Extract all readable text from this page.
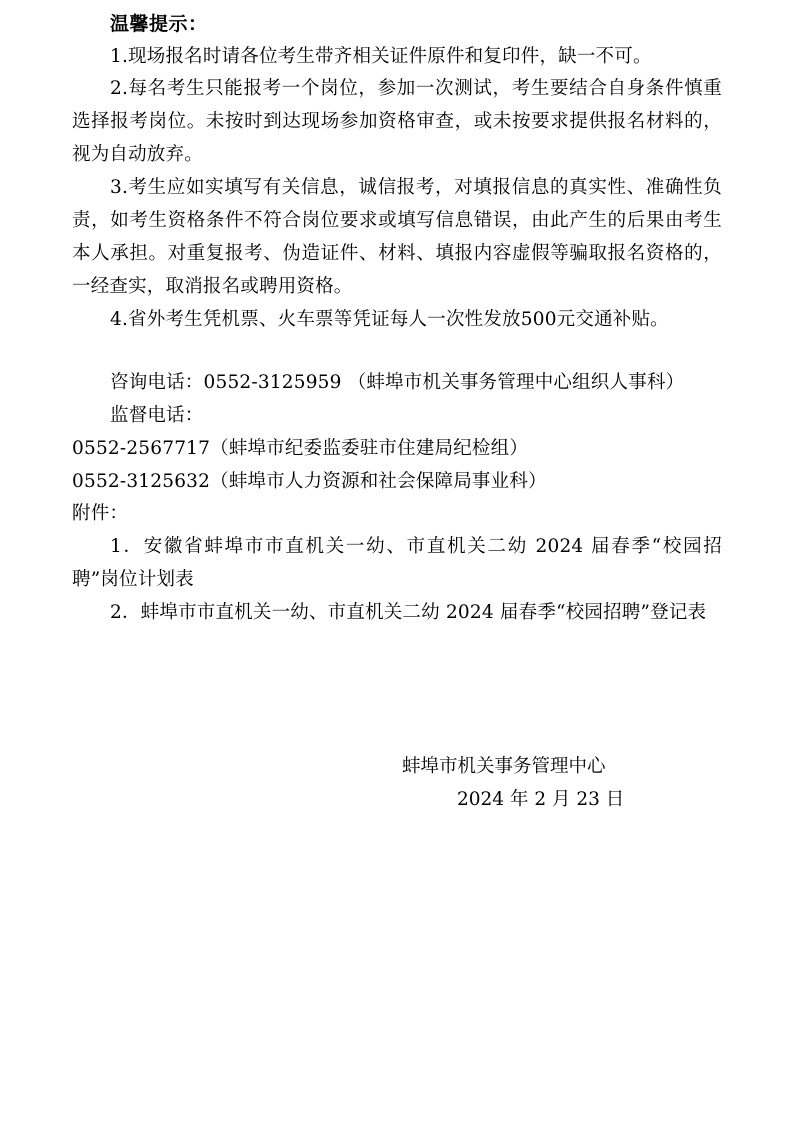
温馨提示：

1.现场报名时请各位考生带齐相关证件原件和复印件，缺一不可。

2.每名考生只能报考一个岗位，参加一次测试，考生要结合自身条件慎重选择报考岗位。未按时到达现场参加资格审查，或未按要求提供报名材料的，视为自动放弃。

3.考生应如实填写有关信息，诚信报考，对填报信息的真实性、准确性负责，如考生资格条件不符合岗位要求或填写信息错误，由此产生的后果由考生本人承担。对重复报考、伪造证件、材料、填报内容虚假等骗取报名资格的，一经查实，取消报名或聘用资格。

4.省外考生凭机票、火车票等凭证每人一次性发放500元交通补贴。

咨询电话：0552-3125959 （蚌埠市机关事务管理中心组织人事科）

监督电话：

0552-2567717（蚌埠市纪委监委驻市住建局纪检组）

0552-3125632（蚌埠市人力资源和社会保障局事业科）

附件：

1．安徽省蚌埠市市直机关一幼、市直机关二幼 2024 届春季“校园招聘”岗位计划表

2．蚌埠市市直机关一幼、市直机关二幼 2024 届春季“校园招聘”登记表

蚌埠市机关事务管理中心
2024 年 2 月 23 日
